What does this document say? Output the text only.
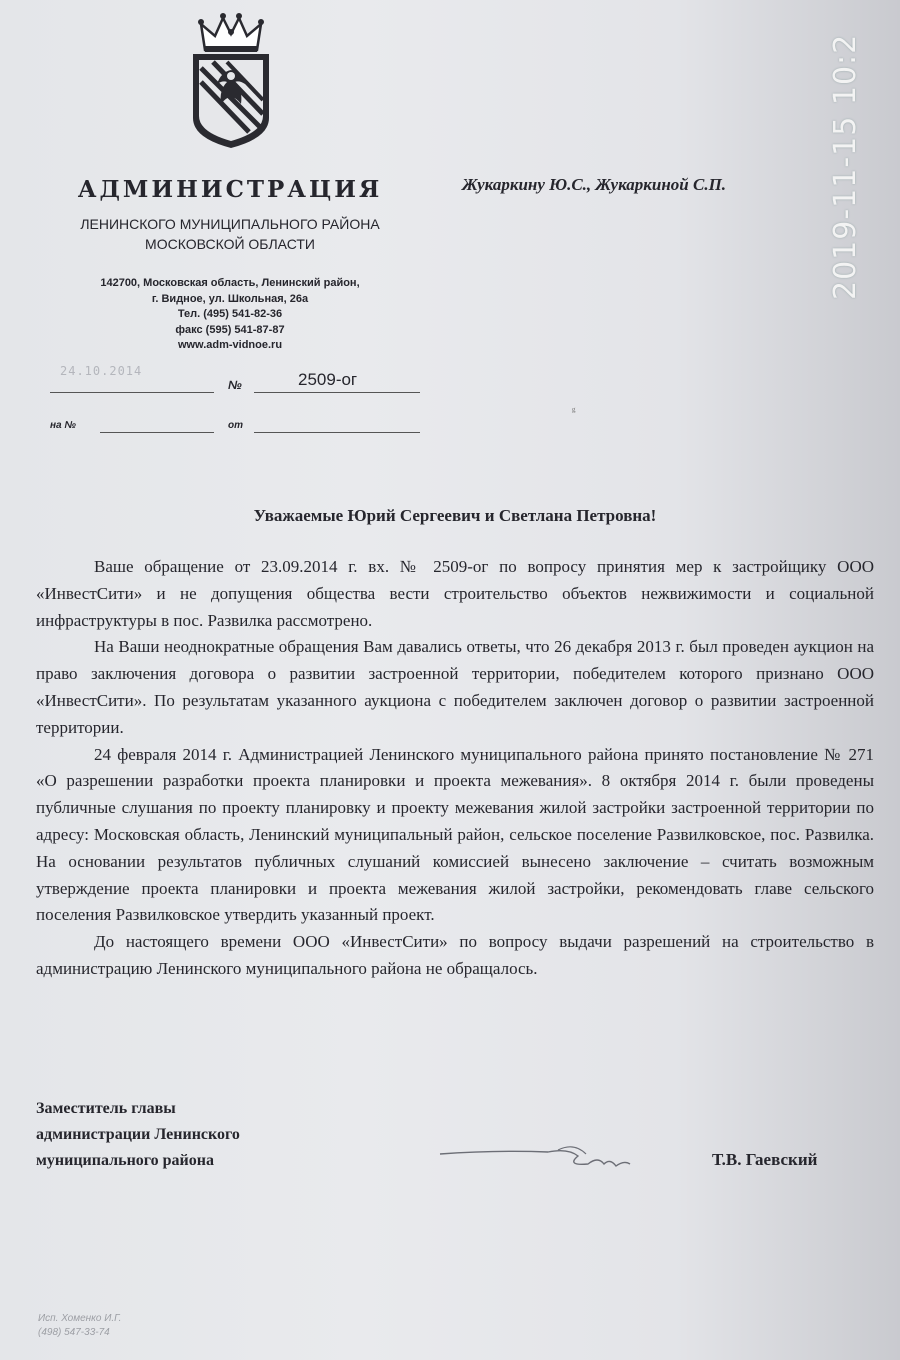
2019-11-15 10:2
АДМИНИСТРАЦИЯ
ЛЕНИНСКОГО МУНИЦИПАЛЬНОГО РАЙОНА
МОСКОВСКОЙ ОБЛАСТИ
142700, Московская область, Ленинский район,
г. Видное, ул. Школьная, 26а
Тел. (495) 541-82-36
факс (595) 541-87-87
www.adm-vidnoe.ru
Жукаркину Ю.С., Жукаркиной С.П.
24.10.2014
№	2509-ог
на №	от
ᵍ
Уважаемые Юрий Сергеевич и Светлана Петровна!

Ваше обращение от 23.09.2014 г. вх. № 2509-ог по вопросу принятия мер к застройщику ООО «ИнвестСити» и не допущения общества вести строительство объектов нежвижимости и социальной инфраструктуры в пос. Развилка рассмотрено.

На Ваши неоднократные обращения Вам давались ответы, что 26 декабря 2013 г. был проведен аукцион на право заключения договора о развитии застроенной территории, победителем которого признано ООО «ИнвестСити». По результатам указанного аукциона с победителем заключен договор о развитии застроенной территории.

24 февраля 2014 г. Администрацией Ленинского муниципального района принято постановление № 271 «О разрешении разработки проекта планировки и проекта межевания». 8 октября 2014 г. были проведены публичные слушания по проекту планировку и проекту межевания жилой застройки застроенной территории по адресу: Московская область, Ленинский муниципальный район, сельское поселение Развилковское, пос. Развилка. На основании результатов публичных слушаний комиссией вынесено заключение – считать возможным утверждение проекта планировки и проекта межевания жилой застройки, рекомендовать главе сельского поселения Развилковское утвердить указанный проект.

До настоящего времени ООО «ИнвестСити» по вопросу выдачи разрешений на строительство в администрацию Ленинского муниципального района не обращалось.

Заместитель главы
администрации Ленинского
муниципального района	Т.В. Гаевский
Исп. Хоменко И.Г.
(498) 547-33-74
